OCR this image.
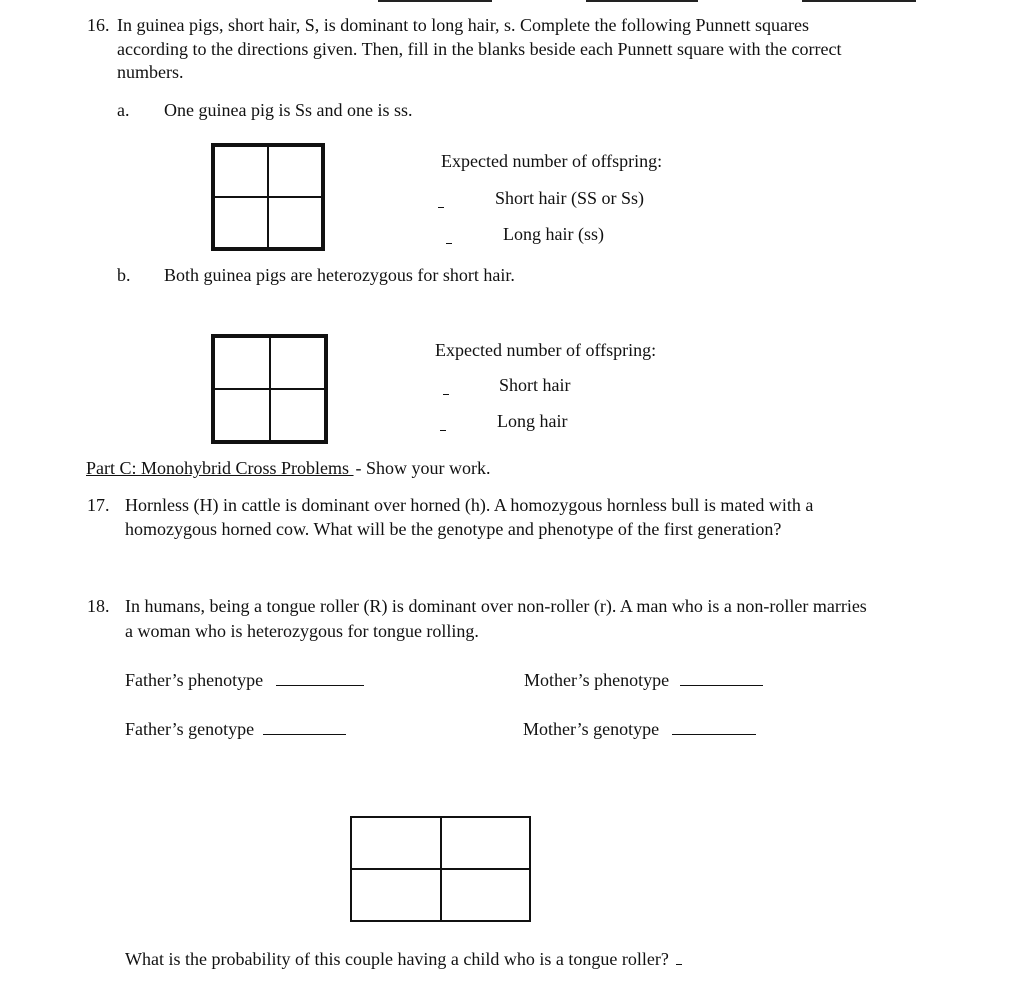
16. In guinea pigs, short hair, S, is dominant to long hair, s. Complete the following Punnett squares
according to the directions given. Then, fill in the blanks beside each Punnett square with the correct
numbers.
a. One guinea pig is Ss and one is ss.
Expected number of offspring:
Short hair (SS or Ss)
Long hair (ss)
b. Both guinea pigs are heterozygous for short hair.
Expected number of offspring:
Short hair
Long hair
Part C: Monohybrid Cross Problems - Show your work.
17. Hornless (H) in cattle is dominant over horned (h). A homozygous hornless bull is mated with a
homozygous horned cow. What will be the genotype and phenotype of the first generation?
18. In humans, being a tongue roller (R) is dominant over non-roller (r). A man who is a non-roller marries
a woman who is heterozygous for tongue rolling.
Father’s phenotype	Mother’s phenotype
Father’s genotype	Mother’s genotype
What is the probability of this couple having a child who is a tongue roller?
